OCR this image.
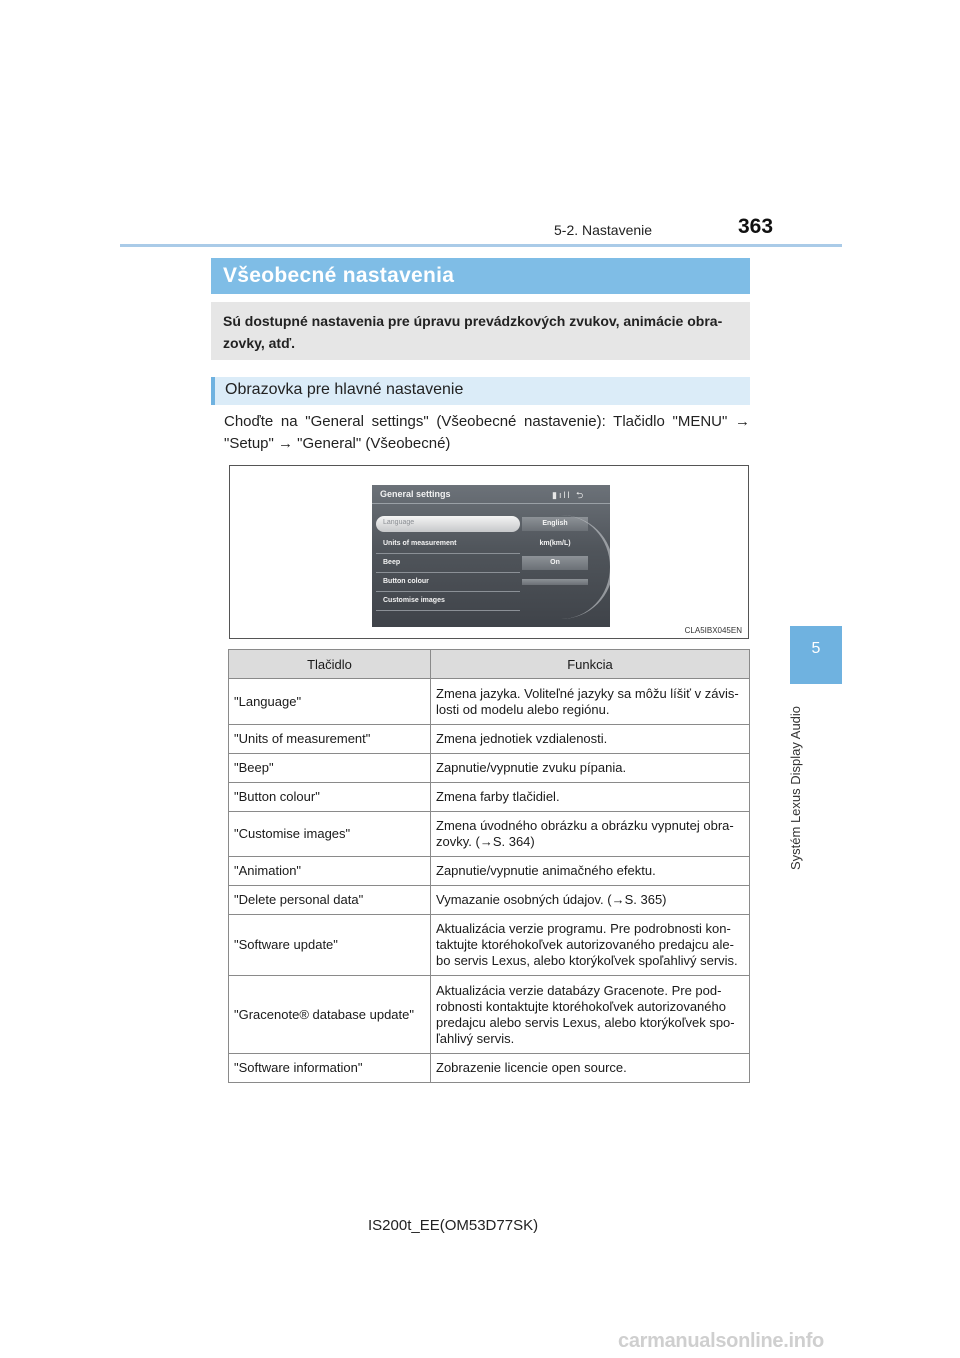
5-2. Nastavenie	363
5
Systém Lexus Display Audio
Všeobecné nastavenia
Sú dostupné nastavenia pre úpravu prevádzkových zvukov, animácie obra-zovky, atď.
Obrazovka pre hlavné nastavenie
Choďte na "General settings" (Všeobecné nastavenie): Tlačidlo "MENU" → "Setup" → "General" (Všeobecné)
General settings	▮ıll ⮌
Language	English
Units of measurement	km(km/L)
Beep	On
Button colour
Customise images
CLA5IBX045EN
Tlačidlo	Funkcia
"Language"	Zmena jazyka. Voliteľné jazyky sa môžu líšiť v závis-losti od modelu alebo regiónu.
"Units of measurement"	Zmena jednotiek vzdialenosti.
"Beep"	Zapnutie/vypnutie zvuku pípania.
"Button colour"	Zmena farby tlačidiel.
"Customise images"	Zmena úvodného obrázku a obrázku vypnutej obra-zovky. (→S. 364)
"Animation"	Zapnutie/vypnutie animačného efektu.
"Delete personal data"	Vymazanie osobných údajov. (→S. 365)
"Software update"	Aktualizácia verzie programu. Pre podrobnosti kon-taktujte ktoréhokoľvek autorizovaného predajcu ale-bo servis Lexus, alebo ktorýkoľvek spoľahlivý servis.
"Gracenote® database update"	Aktualizácia verzie databázy Gracenote. Pre pod-robnosti kontaktujte ktoréhokoľvek autorizovaného predajcu alebo servis Lexus, alebo ktorýkoľvek spo-ľahlivý servis.
"Software information"	Zobrazenie licencie open source.
IS200t_EE(OM53D77SK)
carmanualsonline.info
